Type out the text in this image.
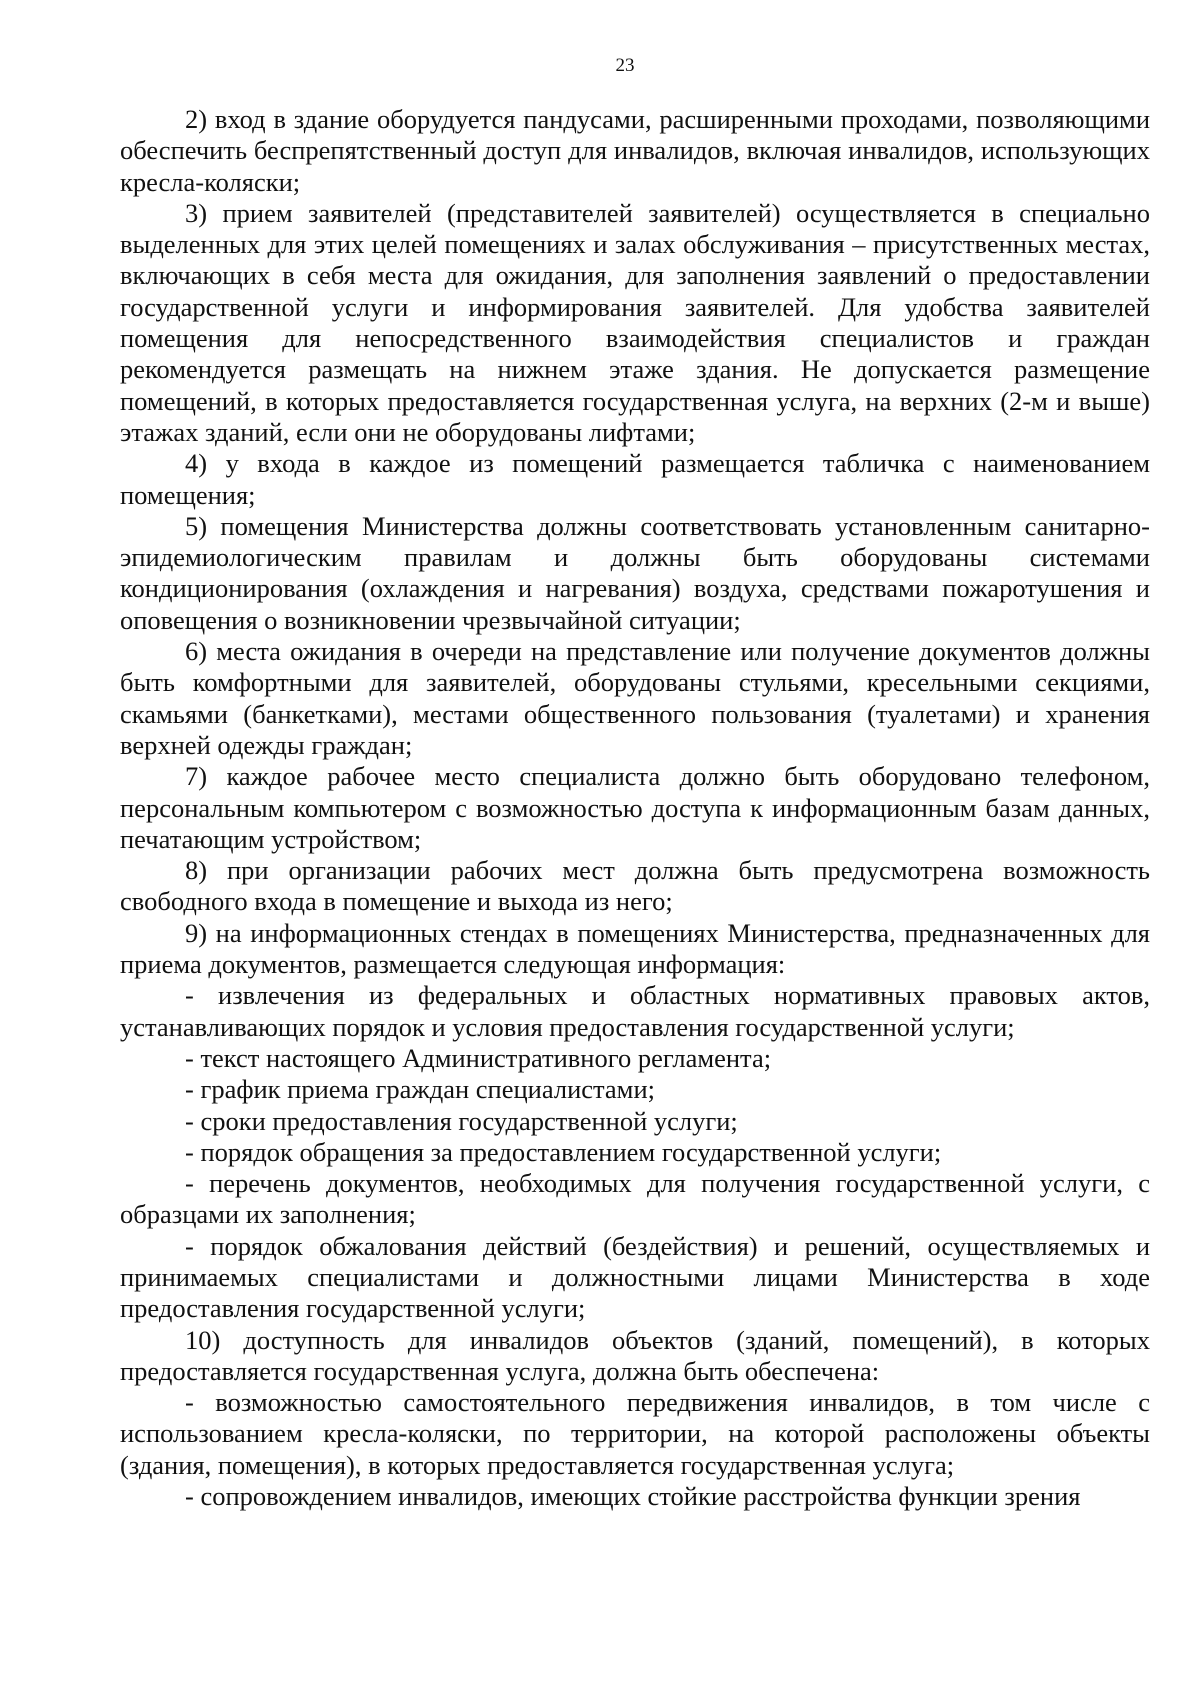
23

2) вход в здание оборудуется пандусами, расширенными проходами, позволяющими обеспечить беспрепятственный доступ для инвалидов, включая инвалидов, использующих кресла-коляски;

3) прием заявителей (представителей заявителей) осуществляется в специально выделенных для этих целей помещениях и залах обслуживания – присутственных местах, включающих в себя места для ожидания, для заполнения заявлений о предоставлении государственной услуги и информирования заявителей. Для удобства заявителей помещения для непосредственного взаимодействия специалистов и граждан рекомендуется размещать на нижнем этаже здания. Не допускается размещение помещений, в которых предоставляется государственная услуга, на верхних (2-м и выше) этажах зданий, если они не оборудованы лифтами;

4) у входа в каждое из помещений размещается табличка с наименованием помещения;

5) помещения Министерства должны соответствовать установленным санитарно-эпидемиологическим правилам и должны быть оборудованы системами кондиционирования (охлаждения и нагревания) воздуха, средствами пожаротушения и оповещения о возникновении чрезвычайной ситуации;

6) места ожидания в очереди на представление или получение документов должны быть комфортными для заявителей, оборудованы стульями, кресельными секциями, скамьями (банкетками), местами общественного пользования (туалетами) и хранения верхней одежды граждан;

7) каждое рабочее место специалиста должно быть оборудовано телефоном, персональным компьютером с возможностью доступа к информационным базам данных, печатающим устройством;

8) при организации рабочих мест должна быть предусмотрена возможность свободного входа в помещение и выхода из него;

9) на информационных стендах в помещениях Министерства, предназначенных для приема документов, размещается следующая информация:

- извлечения из федеральных и областных нормативных правовых актов, устанавливающих порядок и условия предоставления государственной услуги;

- текст настоящего Административного регламента;

- график приема граждан специалистами;

- сроки предоставления государственной услуги;

- порядок обращения за предоставлением государственной услуги;

- перечень документов, необходимых для получения государственной услуги, с образцами их заполнения;

- порядок обжалования действий (бездействия) и решений, осуществляемых и принимаемых специалистами и должностными лицами Министерства в ходе предоставления государственной услуги;

10) доступность для инвалидов объектов (зданий, помещений), в которых предоставляется государственная услуга, должна быть обеспечена:

- возможностью самостоятельного передвижения инвалидов, в том числе с использованием кресла-коляски, по территории, на которой расположены объекты (здания, помещения), в которых предоставляется государственная услуга;

- сопровождением инвалидов, имеющих стойкие расстройства функции зрения
